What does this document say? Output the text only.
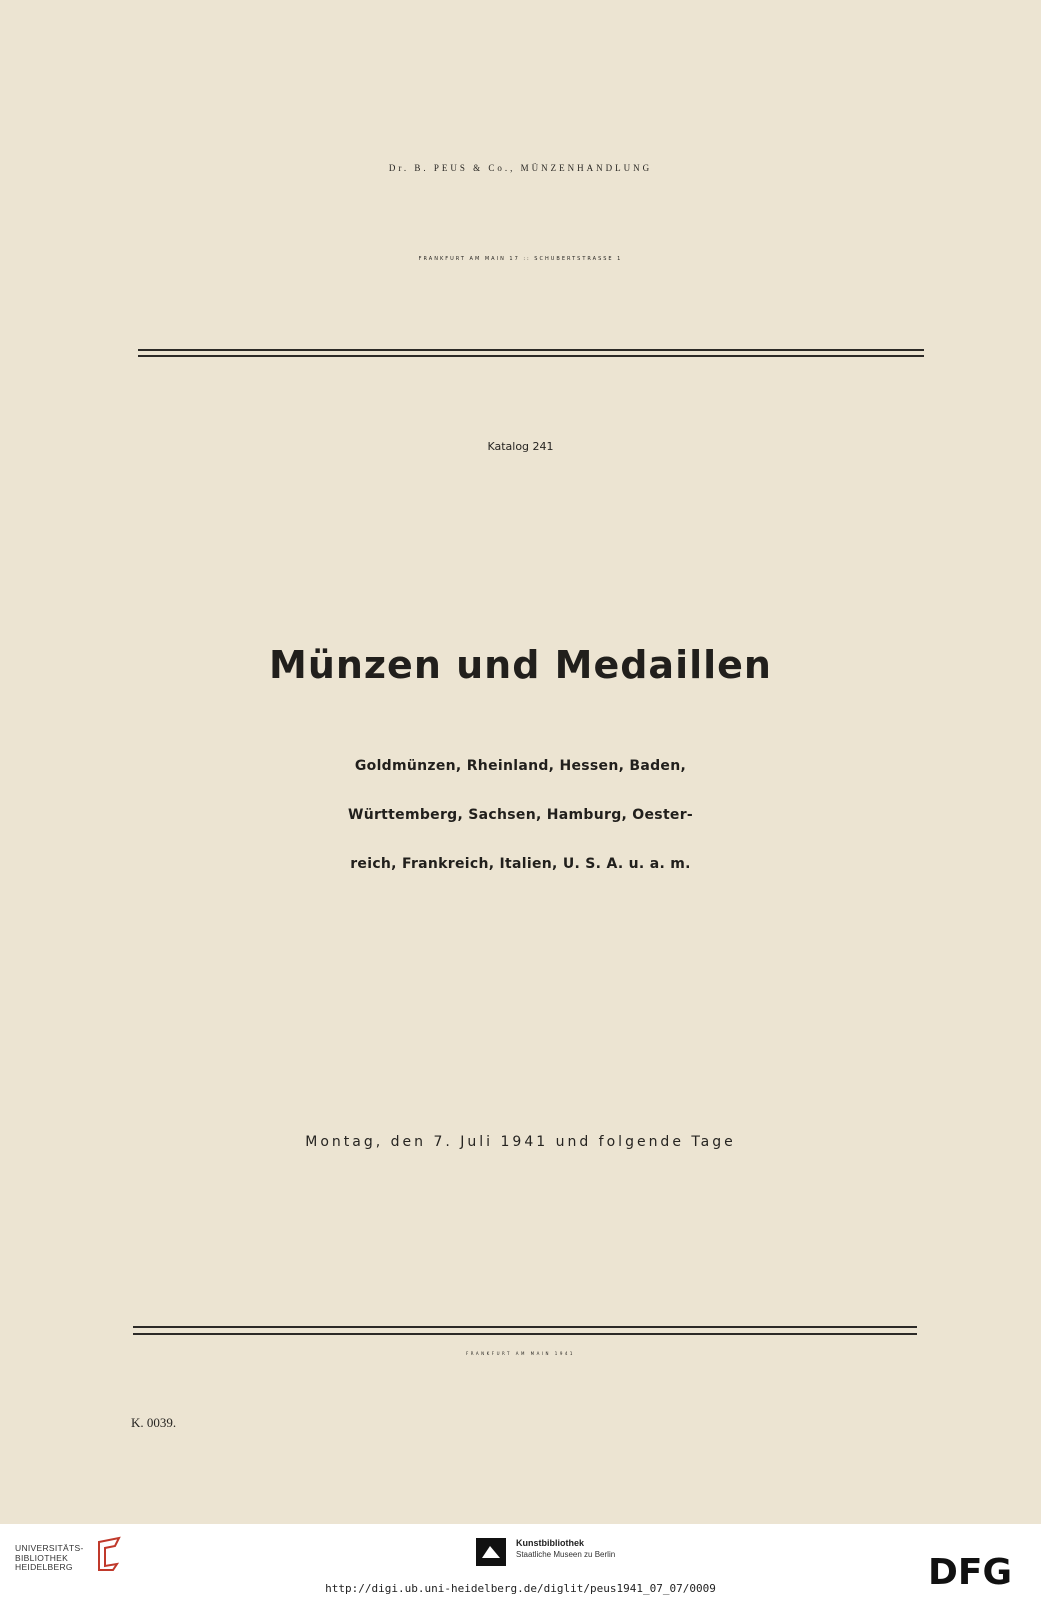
Dr. B. PEUS & Co., MÜNZENHANDLUNG
FRANKFURT AM MAIN 17 :: SCHUBERTSTRASSE 1
Katalog 241
Münzen und Medaillen
Goldmünzen, Rheinland, Hessen, Baden,
Württemberg, Sachsen, Hamburg, Oester-
reich, Frankreich, Italien, U. S. A. u. a. m.
Montag, den 7. Juli 1941 und folgende Tage
FRANKFURT AM MAIN 1941
K. 0039.
UNIVERSITÄTS-
BIBLIOTHEK
HEIDELBERG
Kunstbibliothek
Staatliche Museen zu Berlin	DFG
http://digi.ub.uni-heidelberg.de/diglit/peus1941_07_07/0009
